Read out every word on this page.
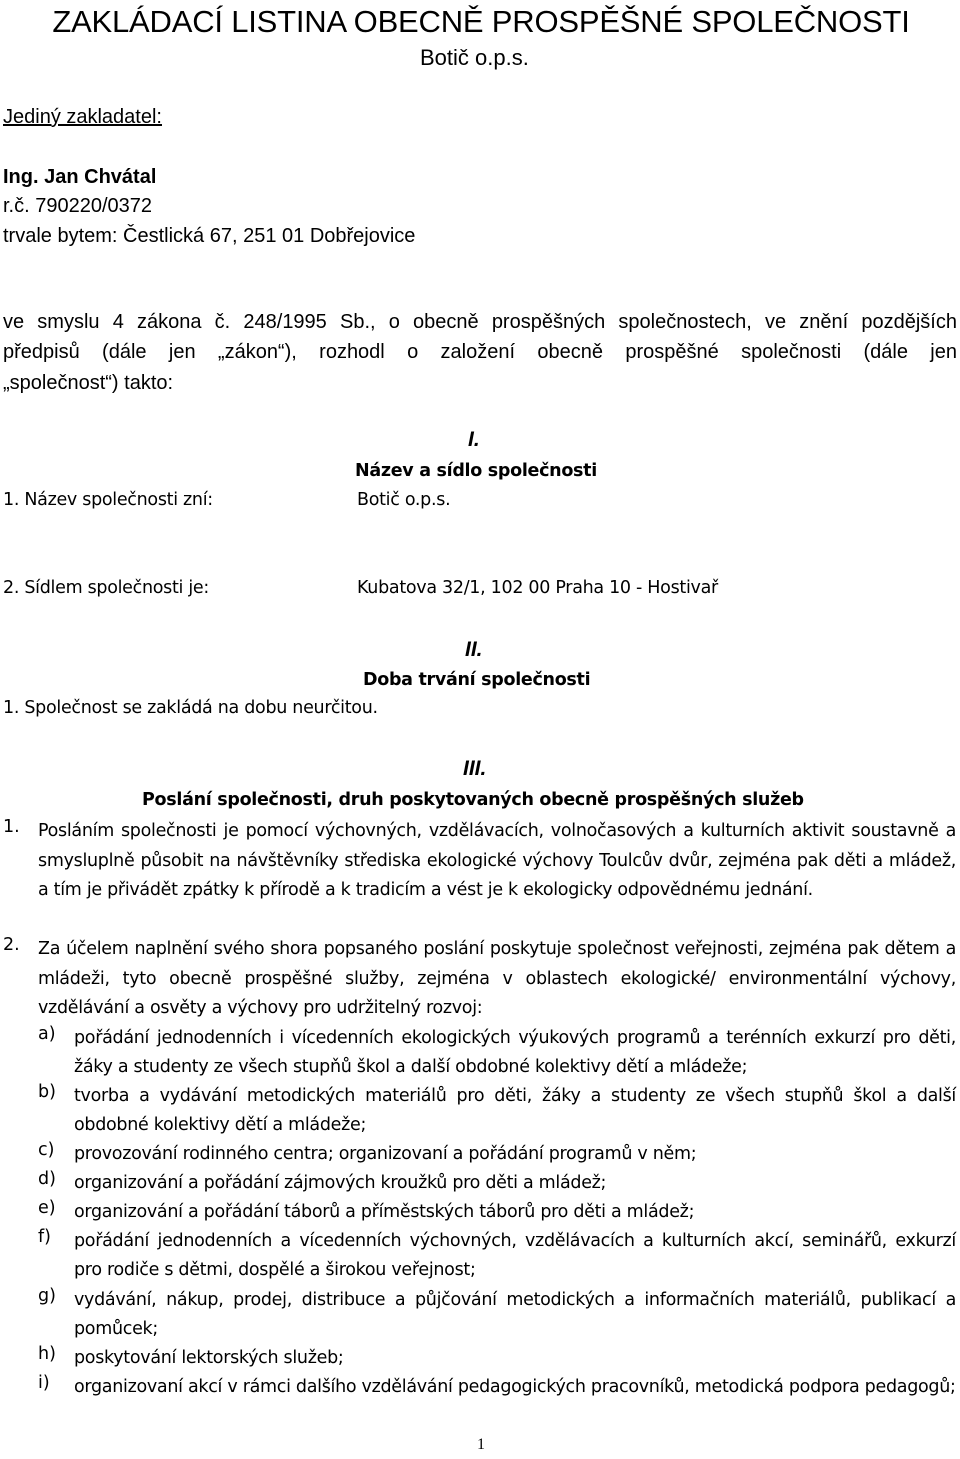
ZAKLÁDACÍ LISTINA OBECNĚ PROSPĚŠNÉ SPOLEČNOSTI
Botič o.p.s.
Jediný zakladatel:
Ing. Jan Chvátal
r.č. 790220/0372
trvale bytem: Čestlická 67, 251 01 Dobřejovice
ve smyslu 4 zákona č. 248/1995 Sb., o obecně prospěšných společnostech, ve znění pozdějších
předpisů (dále jen „zákon“), rozhodl o založení obecně prospěšné společnosti (dále jen
„společnost“) takto:
I.
Název a sídlo společnosti
1. Název společnosti zní:	Botič o.p.s.
2. Sídlem společnosti je:	Kubatova 32/1, 102 00 Praha 10 - Hostivař
II.
Doba trvání společnosti
1. Společnost se zakládá na dobu neurčitou.
III.
Poslání společnosti, druh poskytovaných obecně prospěšných služeb
1. Posláním společnosti je pomocí výchovných, vzdělávacích, volnočasových a kulturních aktivit soustavně a smysluplně působit na návštěvníky střediska ekologické výchovy Toulcův dvůr, zejména pak děti a mládež, a tím je přivádět zpátky k přírodě a k tradicím a vést je k ekologicky odpovědnému jednání.
2. Za účelem naplnění svého shora popsaného poslání poskytuje společnost veřejnosti, zejména pak dětem a mládeži, tyto obecně prospěšné služby, zejména v oblastech ekologické/ environmentální výchovy, vzdělávání a osvěty a výchovy pro udržitelný rozvoj:
a) pořádání jednodenních i vícedenních ekologických výukových programů a terénních exkurzí pro děti, žáky a studenty ze všech stupňů škol a další obdobné kolektivy dětí a mládeže;
b) tvorba a vydávání metodických materiálů pro děti, žáky a studenty ze všech stupňů škol a další obdobné kolektivy dětí a mládeže;
c) provozování rodinného centra; organizovaní a pořádání programů v něm;
d) organizování a pořádání zájmových kroužků pro děti a mládež;
e) organizování a pořádání táborů a příměstských táborů pro děti a mládež;
f) pořádání jednodenních a vícedenních výchovných, vzdělávacích a kulturních akcí, seminářů, exkurzí pro rodiče s dětmi, dospělé a širokou veřejnost;
g) vydávání, nákup, prodej, distribuce a půjčování metodických a informačních materiálů, publikací a pomůcek;
h) poskytování lektorských služeb;
i) organizovaní akcí v rámci dalšího vzdělávání pedagogických pracovníků, metodická podpora pedagogů;
1
